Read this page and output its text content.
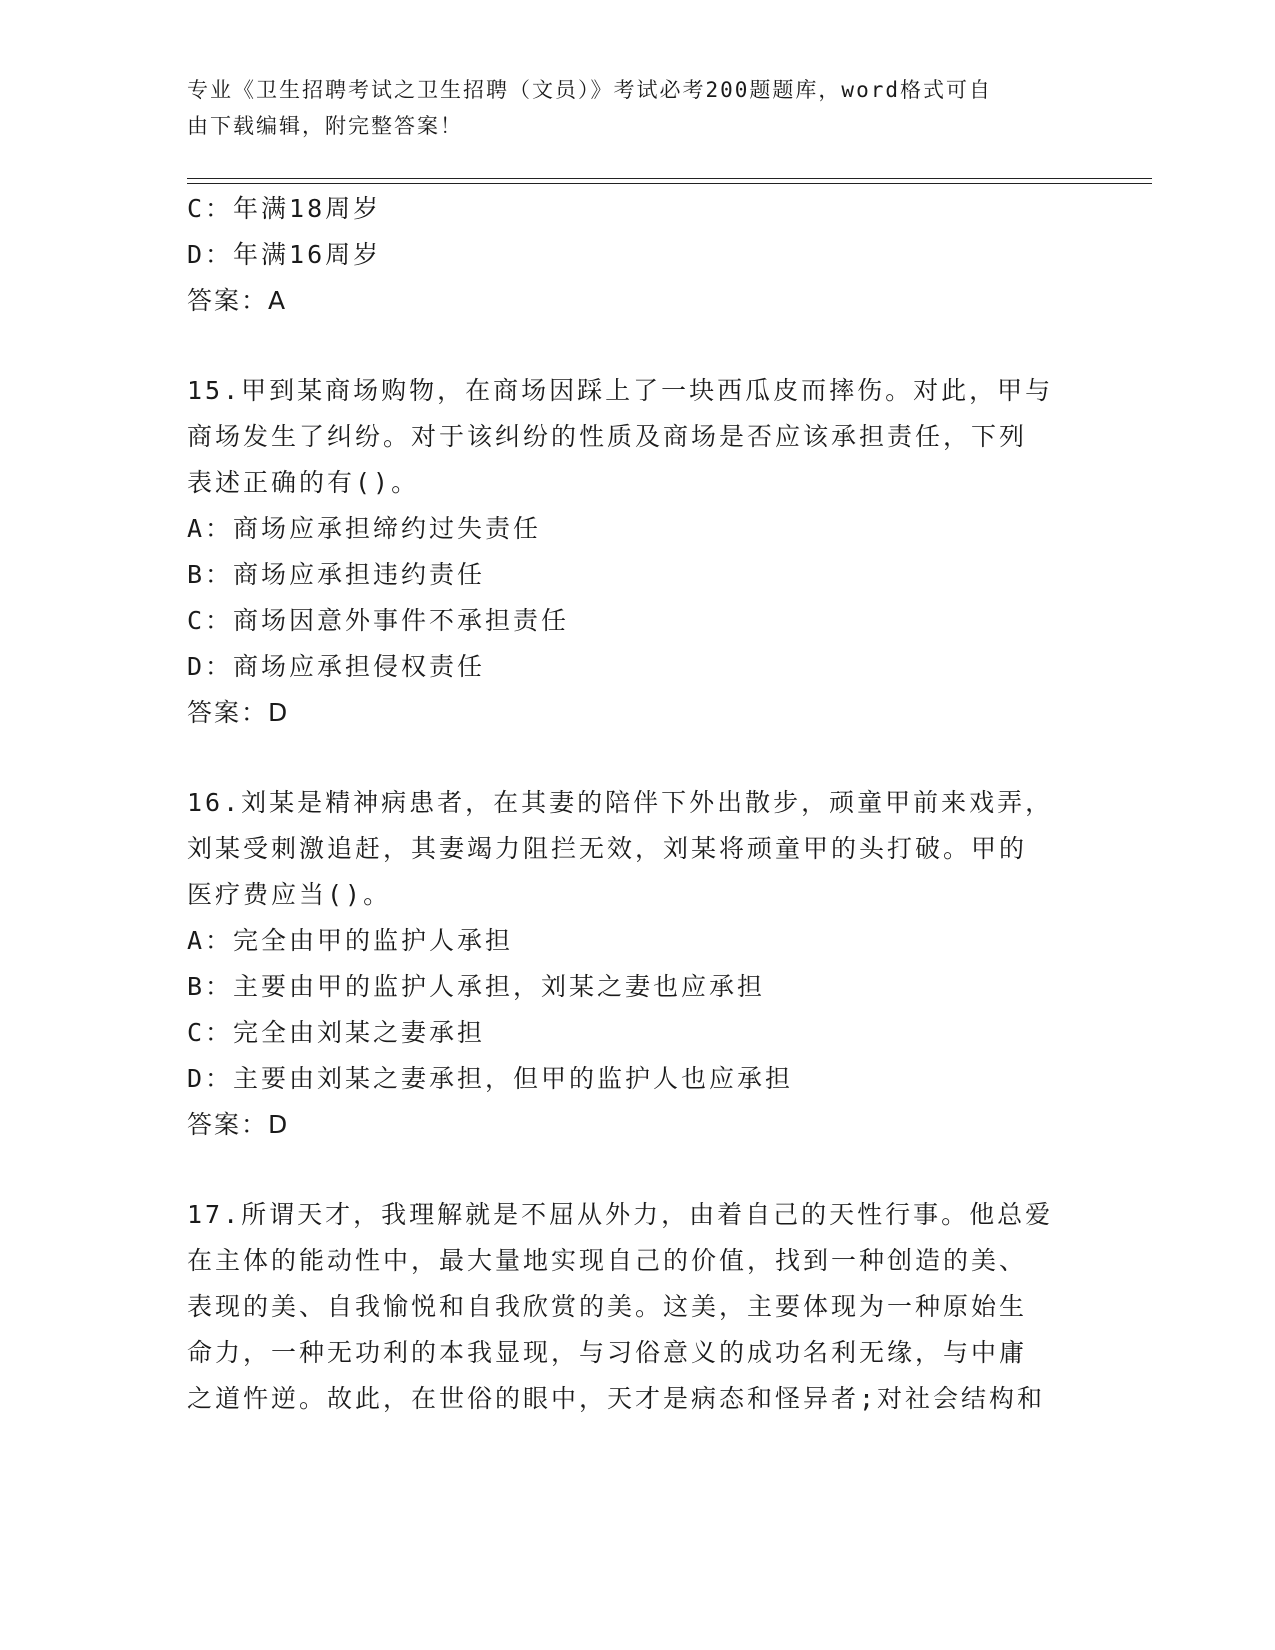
专业《卫生招聘考试之卫生招聘（文员）》考试必考200题题库，word格式可自
由下载编辑，附完整答案！
C：年满18周岁
D：年满16周岁
答案：A
15.甲到某商场购物，在商场因踩上了一块西瓜皮而摔伤。对此，甲与
商场发生了纠纷。对于该纠纷的性质及商场是否应该承担责任，下列
表述正确的有()。
A：商场应承担缔约过失责任
B：商场应承担违约责任
C：商场因意外事件不承担责任
D：商场应承担侵权责任
答案：D
16.刘某是精神病患者，在其妻的陪伴下外出散步，顽童甲前来戏弄，
刘某受刺激追赶，其妻竭力阻拦无效，刘某将顽童甲的头打破。甲的
医疗费应当()。
A：完全由甲的监护人承担
B：主要由甲的监护人承担，刘某之妻也应承担
C：完全由刘某之妻承担
D：主要由刘某之妻承担，但甲的监护人也应承担
答案：D
17.所谓天才，我理解就是不屈从外力，由着自己的天性行事。他总爱
在主体的能动性中，最大量地实现自己的价值，找到一种创造的美、
表现的美、自我愉悦和自我欣赏的美。这美，主要体现为一种原始生
命力，一种无功利的本我显现，与习俗意义的成功名利无缘，与中庸
之道忤逆。故此，在世俗的眼中，天才是病态和怪异者;对社会结构和
